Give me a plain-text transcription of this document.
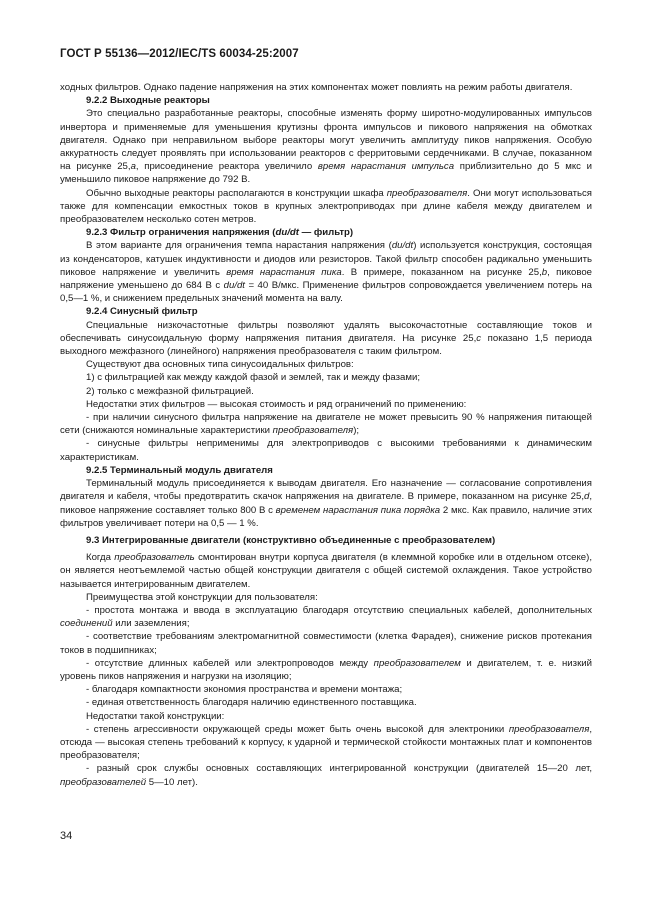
ГОСТ Р 55136—2012/IEC/TS 60034-25:2007

ходных фильтров. Однако падение напряжения на этих компонентах может повлиять на режим работы двигателя.

9.2.2 Выходные реакторы

Это специально разработанные реакторы, способные изменять форму широтно-модулированных импульсов инвертора и применяемые для уменьшения крутизны фронта импульсов и пикового напряжения на обмотках двигателя. Однако при неправильном выборе реакторы могут увеличить амплитуду пиков напряжения. Особую аккуратность следует проявлять при использовании реакторов с ферритовыми сердечниками. В случае, показанном на рисунке 25,а, присоединение реактора увеличило время нарастания импульса приблизительно до 5 мкс и уменьшило пиковое напряжение до 792 В.

Обычно выходные реакторы располагаются в конструкции шкафа преобразователя. Они могут использоваться также для компенсации емкостных токов в крупных электроприводах при длине кабеля между двигателем и преобразователем несколько сотен метров.

9.2.3 Фильтр ограничения напряжения (du/dt — фильтр)

В этом варианте для ограничения темпа нарастания напряжения (du/dt) используется конструкция, состоящая из конденсаторов, катушек индуктивности и диодов или резисторов. Такой фильтр способен радикально уменьшить пиковое напряжение и увеличить время нарастания пика. В примере, показанном на рисунке 25,b, пиковое напряжение уменьшено до 684 В с du/dt = 40 В/мкс. Применение фильтров сопровождается увеличением потерь на 0,5—1 %, и снижением предельных значений момента на валу.

9.2.4 Синусный фильтр

Специальные низкочастотные фильтры позволяют удалять высокочастотные составляющие токов и обеспечивать синусоидальную форму напряжения питания двигателя. На рисунке 25,c показано 1,5 периода выходного межфазного (линейного) напряжения преобразователя с таким фильтром.

Существуют два основных типа синусоидальных фильтров:

1) с фильтрацией как между каждой фазой и землей, так и между фазами;

2) только с межфазной фильтрацией.

Недостатки этих фильтров — высокая стоимость и ряд ограничений по применению:

- при наличии синусного фильтра напряжение на двигателе не может превысить 90 % напряжения питающей сети (снижаются номинальные характеристики преобразователя);

- синусные фильтры неприменимы для электроприводов с высокими требованиями к динамическим характеристикам.

9.2.5 Терминальный модуль двигателя

Терминальный модуль присоединяется к выводам двигателя. Его назначение — согласование сопротивления двигателя и кабеля, чтобы предотвратить скачок напряжения на двигателе. В примере, показанном на рисунке 25,d, пиковое напряжение составляет только 800 В с временем нарастания пика порядка 2 мкс. Как правило, наличие этих фильтров увеличивает потери на 0,5 — 1 %.

9.3 Интегрированные двигатели (конструктивно объединенные с преобразователем)

Когда преобразователь смонтирован внутри корпуса двигателя (в клеммной коробке или в отдельном отсеке), он является неотъемлемой частью общей конструкции двигателя с общей системой охлаждения. Такое устройство называется интегрированным двигателем.

Преимущества этой конструкции для пользователя:

- простота монтажа и ввода в эксплуатацию благодаря отсутствию специальных кабелей, дополнительных соединений или заземления;

- соответствие требованиям электромагнитной совместимости (клетка Фарадея), снижение рисков протекания токов в подшипниках;

- отсутствие длинных кабелей или электропроводов между преобразователем и двигателем, т. е. низкий уровень пиков напряжения и нагрузки на изоляцию;

- благодаря компактности экономия пространства и времени монтажа;

- единая ответственность благодаря наличию единственного поставщика.

Недостатки такой конструкции:

- степень агрессивности окружающей среды может быть очень высокой для электроники преобразователя, отсюда — высокая степень требований к корпусу, к ударной и термической стойкости монтажных плат и компонентов преобразователя;

- разный срок службы основных составляющих интегрированной конструкции (двигателей 15—20 лет, преобразователей 5—10 лет).

34
